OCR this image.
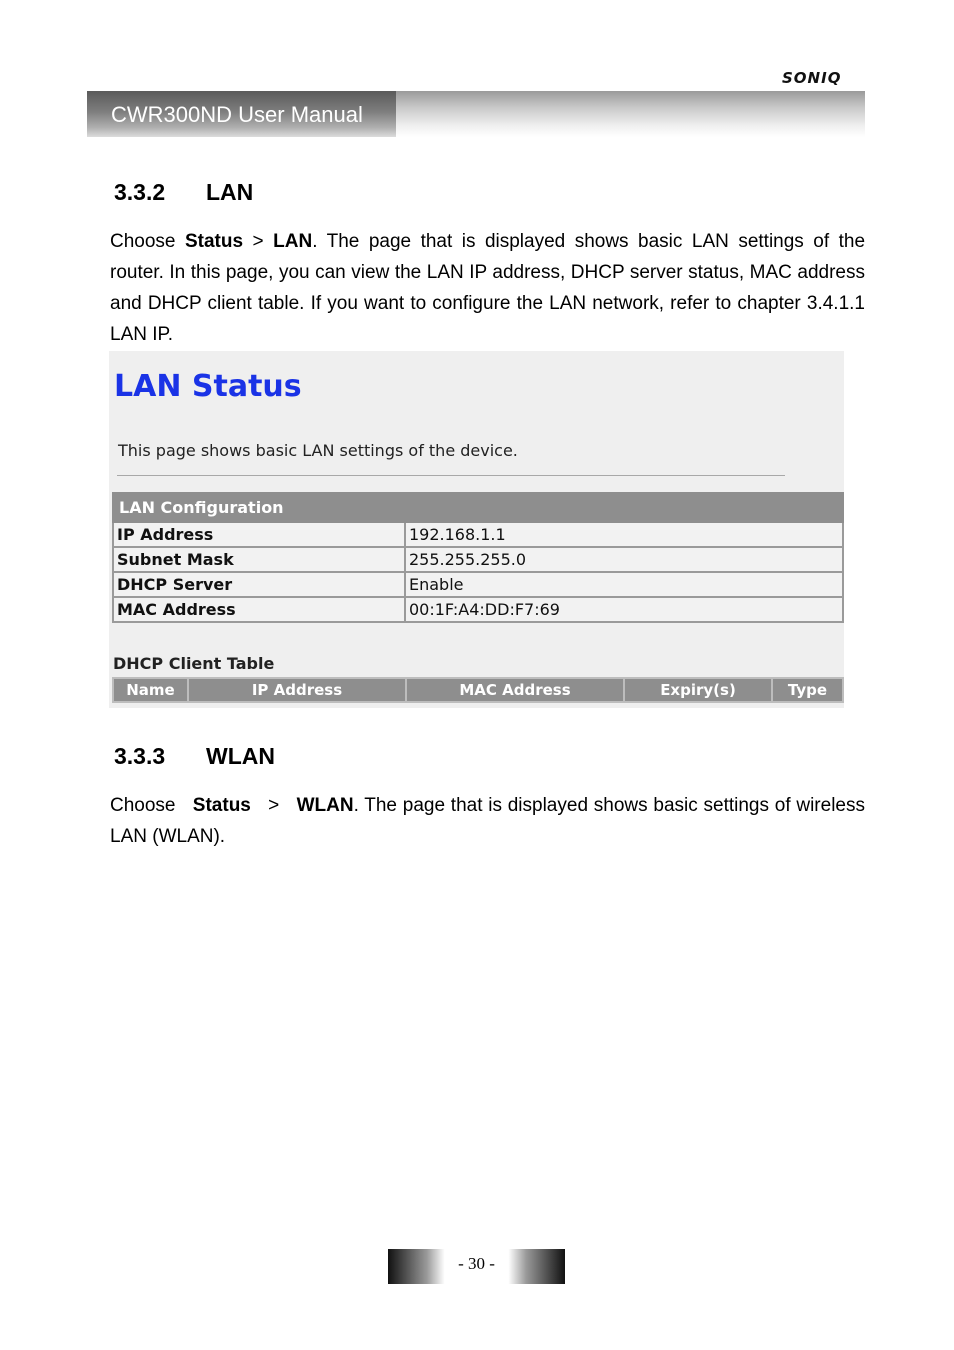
SONIQ
CWR300ND User Manual
3.3.2 LAN
Choose Status > LAN. The page that is displayed shows basic LAN settings of the router. In this page, you can view the LAN IP address, DHCP server status, MAC address and DHCP client table. If you want to configure the LAN network, refer to chapter 3.4.1.1 LAN IP.
LAN Status
This page shows basic LAN settings of the device.
LAN Configuration	
IP Address	192.168.1.1
Subnet Mask	255.255.255.0
DHCP Server	Enable
MAC Address	00:1F:A4:DD:F7:69
DHCP Client Table
Name	IP Address	MAC Address	Expiry(s)	Type
3.3.3 WLAN
Choose Status > WLAN. The page that is displayed shows basic settings of wireless LAN (WLAN).
- 30 -
